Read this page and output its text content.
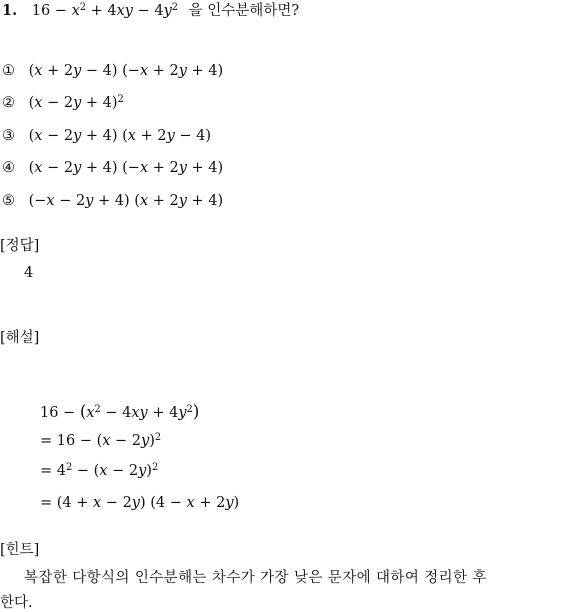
1. $16 - x^2 + 4xy - 4y^2$ 을 인수분해하면?
① (x + 2y − 4) (−x + 2y + 4)
② $(x - 2y + 4)^2$
③ (x − 2y + 4) (x + 2y − 4)
④ (x − 2y + 4) (−x + 2y + 4)
⑤ (−x − 2y + 4) (x + 2y + 4)
[정답]
4
[해설]
$16 - (x^2 - 4xy + 4y^2)$
= $16 - (x - 2y)^2$
= $4^2 - (x - 2y)^2$
= (4 + x − 2y) (4 − x + 2y)
[힌트]
복잡한 다항식의 인수분해는 차수가 가장 낮은 문자에 대하여 정리한 후
한다.
